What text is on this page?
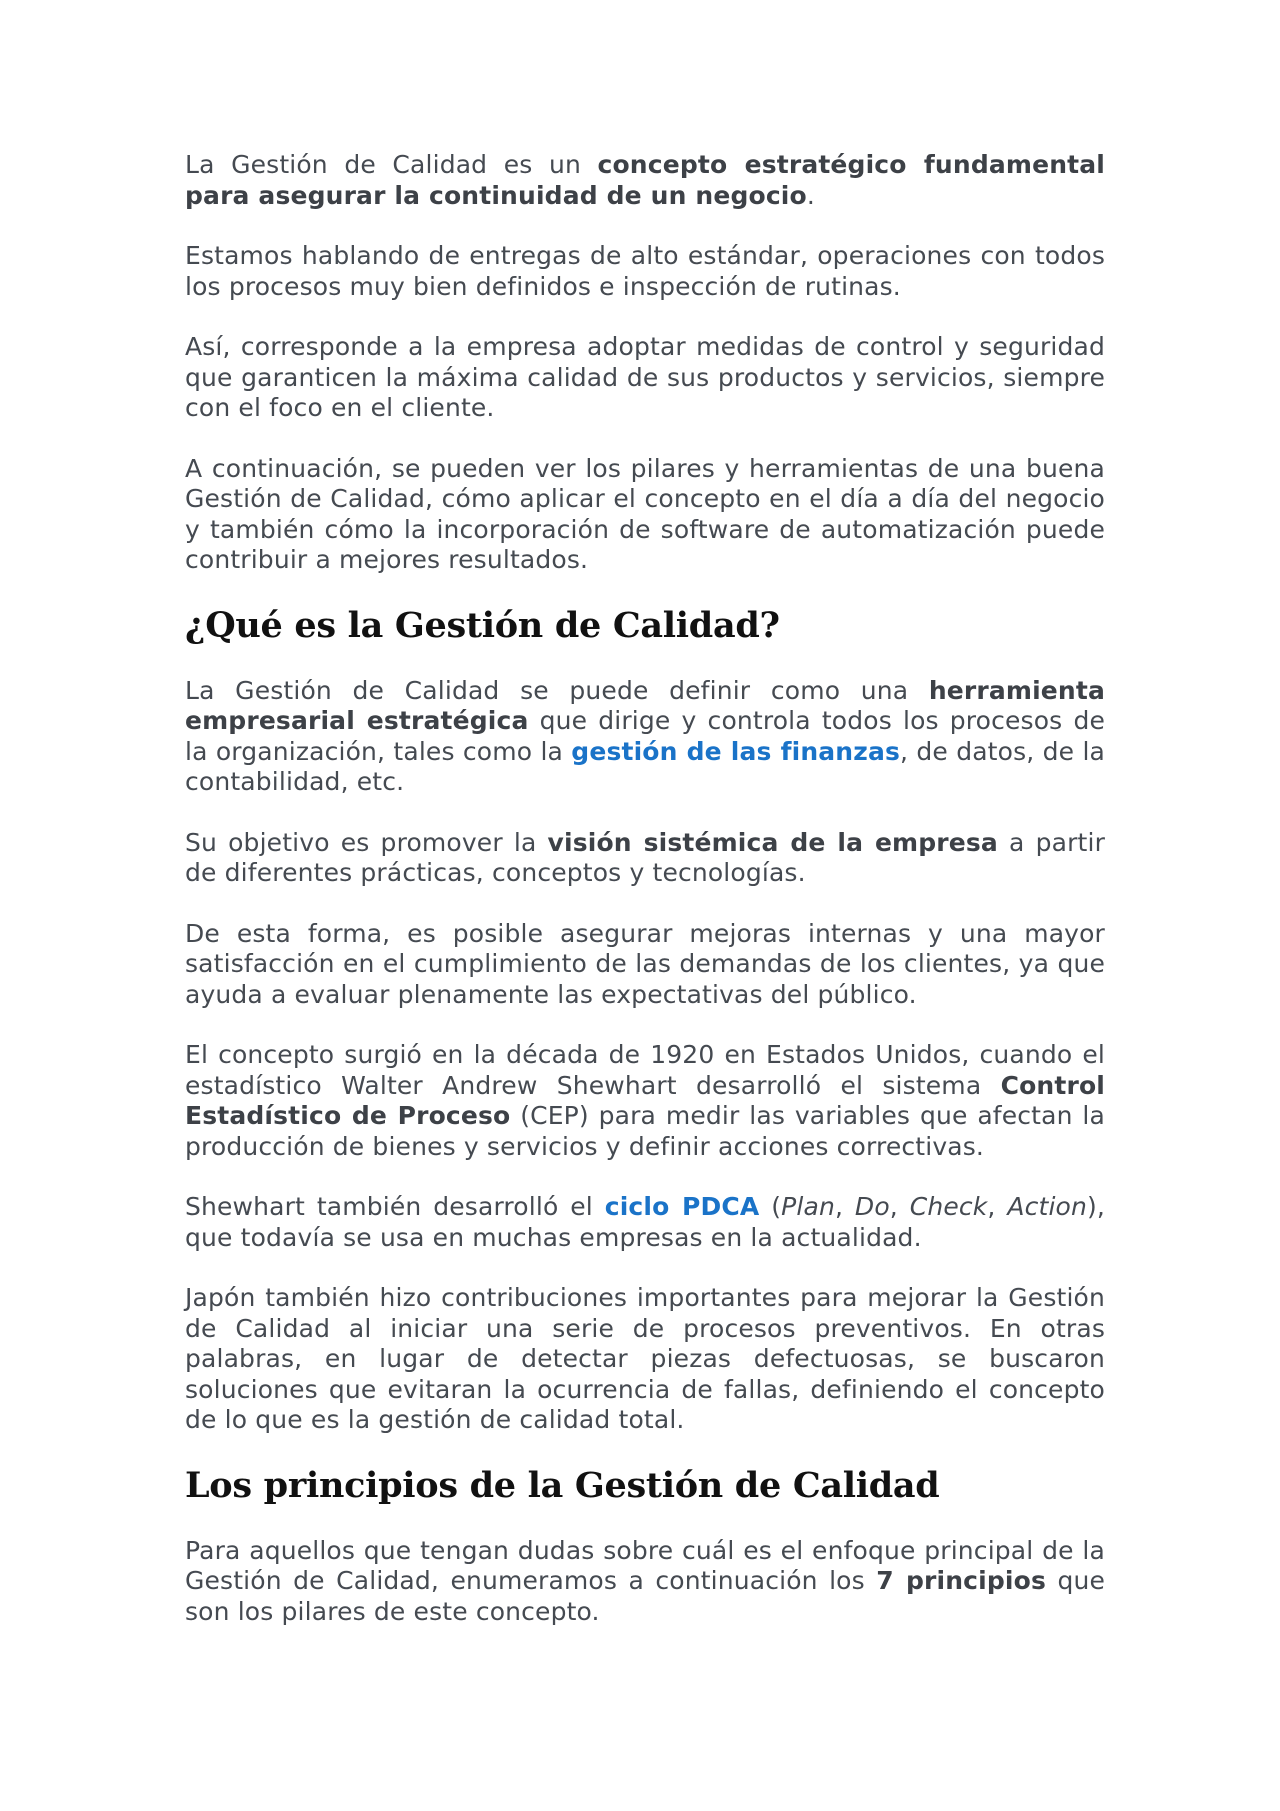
La Gestión de Calidad es un concepto estratégico fundamental para asegurar la continuidad de un negocio.

Estamos hablando de entregas de alto estándar, operaciones con todos los procesos muy bien definidos e inspección de rutinas.

Así, corresponde a la empresa adoptar medidas de control y seguridad que garanticen la máxima calidad de sus productos y servicios, siempre con el foco en el cliente.

A continuación, se pueden ver los pilares y herramientas de una buena Gestión de Calidad, cómo aplicar el concepto en el día a día del negocio y también cómo la incorporación de software de automatización puede contribuir a mejores resultados.

¿Qué es la Gestión de Calidad?

La Gestión de Calidad se puede definir como una herramienta empresarial estratégica que dirige y controla todos los procesos de la organización, tales como la gestión de las finanzas, de datos, de la contabilidad, etc.

Su objetivo es promover la visión sistémica de la empresa a partir de diferentes prácticas, conceptos y tecnologías.

De esta forma, es posible asegurar mejoras internas y una mayor satisfacción en el cumplimiento de las demandas de los clientes, ya que ayuda a evaluar plenamente las expectativas del público.

El concepto surgió en la década de 1920 en Estados Unidos, cuando el estadístico Walter Andrew Shewhart desarrolló el sistema Control Estadístico de Proceso (CEP) para medir las variables que afectan la producción de bienes y servicios y definir acciones correctivas.

Shewhart también desarrolló el ciclo PDCA (Plan, Do, Check, Action), que todavía se usa en muchas empresas en la actualidad.

Japón también hizo contribuciones importantes para mejorar la Gestión de Calidad al iniciar una serie de procesos preventivos. En otras palabras, en lugar de detectar piezas defectuosas, se buscaron soluciones que evitaran la ocurrencia de fallas, definiendo el concepto de lo que es la gestión de calidad total.

Los principios de la Gestión de Calidad

Para aquellos que tengan dudas sobre cuál es el enfoque principal de la Gestión de Calidad, enumeramos a continuación los 7 principios que son los pilares de este concepto.
